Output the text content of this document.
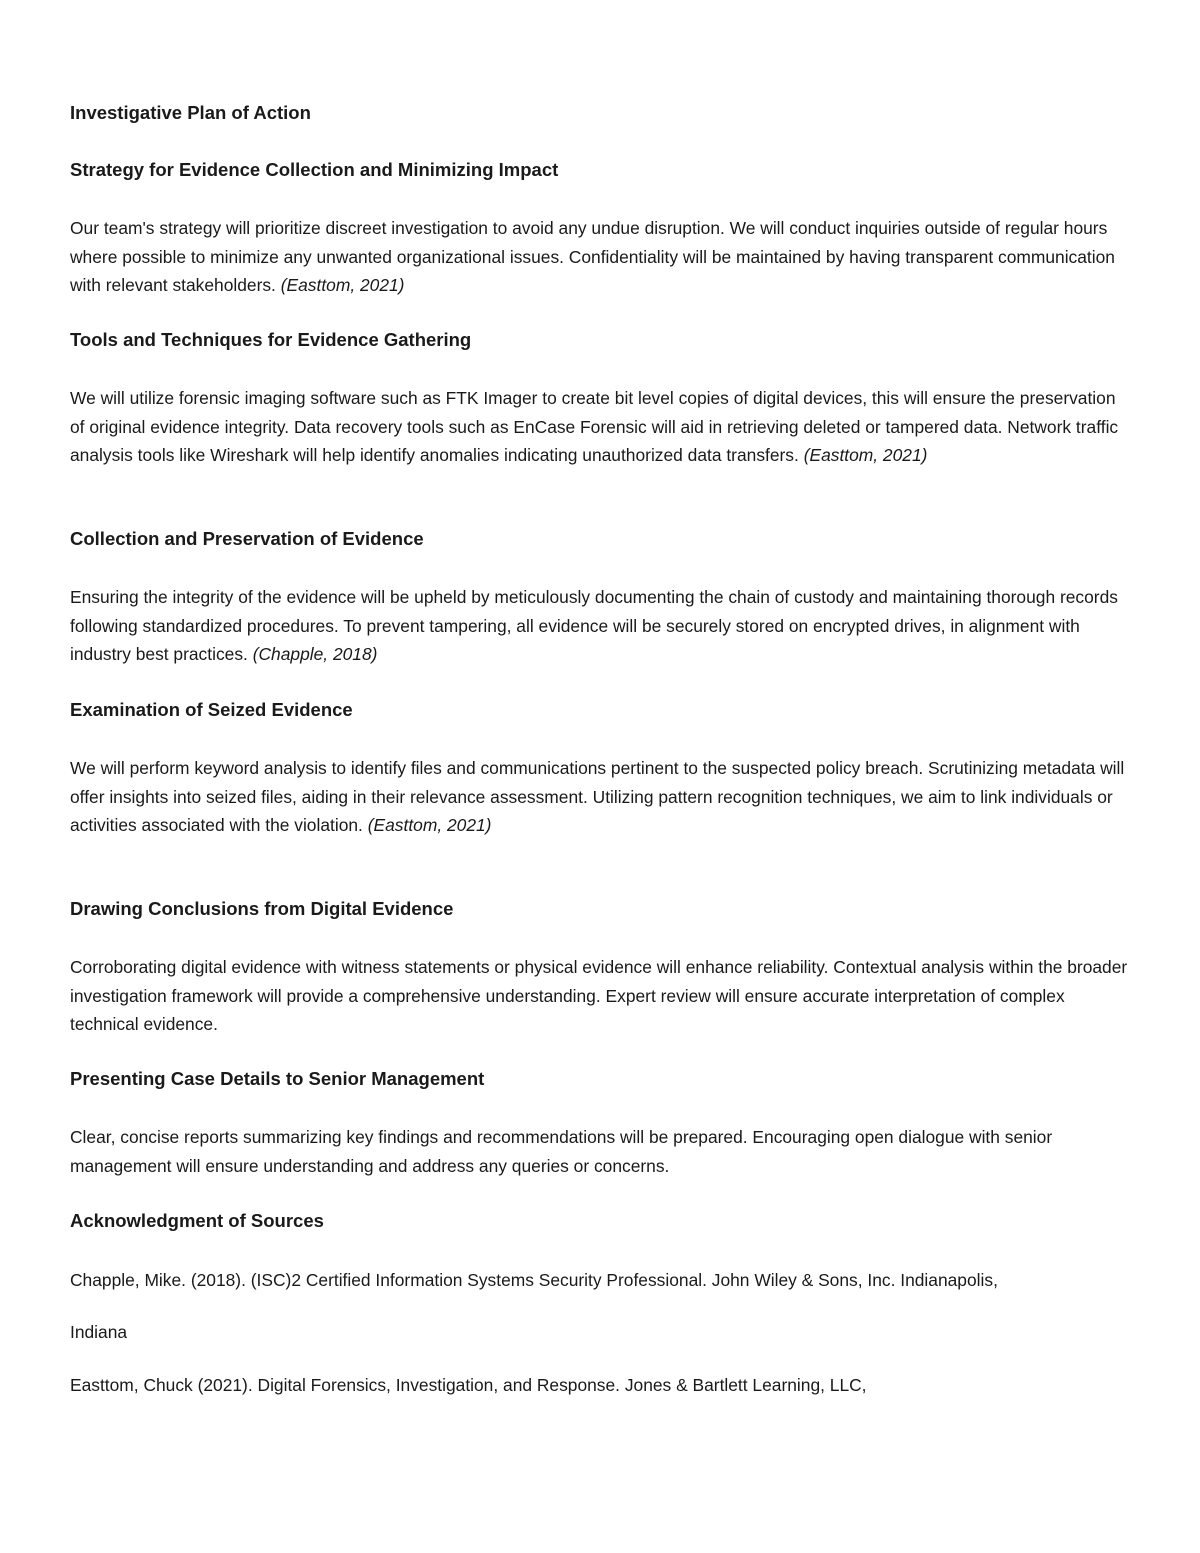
Investigative Plan of Action
Strategy for Evidence Collection and Minimizing Impact

Our team's strategy will prioritize discreet investigation to avoid any undue disruption. We will conduct inquiries outside of regular hours where possible to minimize any unwanted organizational issues. Confidentiality will be maintained by having transparent communication with relevant stakeholders. (Easttom, 2021)

Tools and Techniques for Evidence Gathering

We will utilize forensic imaging software such as FTK Imager to create bit level copies of digital devices, this will ensure the preservation of original evidence integrity. Data recovery tools such as EnCase Forensic will aid in retrieving deleted or tampered data. Network traffic analysis tools like Wireshark will help identify anomalies indicating unauthorized data transfers. (Easttom, 2021)

Collection and Preservation of Evidence

Ensuring the integrity of the evidence will be upheld by meticulously documenting the chain of custody and maintaining thorough records following standardized procedures. To prevent tampering, all evidence will be securely stored on encrypted drives, in alignment with industry best practices. (Chapple, 2018)

Examination of Seized Evidence

We will perform keyword analysis to identify files and communications pertinent to the suspected policy breach. Scrutinizing metadata will offer insights into seized files, aiding in their relevance assessment. Utilizing pattern recognition techniques, we aim to link individuals or activities associated with the violation. (Easttom, 2021)

Drawing Conclusions from Digital Evidence

Corroborating digital evidence with witness statements or physical evidence will enhance reliability. Contextual analysis within the broader investigation framework will provide a comprehensive understanding. Expert review will ensure accurate interpretation of complex technical evidence.

Presenting Case Details to Senior Management

Clear, concise reports summarizing key findings and recommendations will be prepared. Encouraging open dialogue with senior management will ensure understanding and address any queries or concerns.

Acknowledgment of Sources

Chapple, Mike. (2018). (ISC)2 Certified Information Systems Security Professional. John Wiley & Sons, Inc. Indianapolis,

Indiana

Easttom, Chuck (2021). Digital Forensics, Investigation, and Response. Jones & Bartlett Learning, LLC,
